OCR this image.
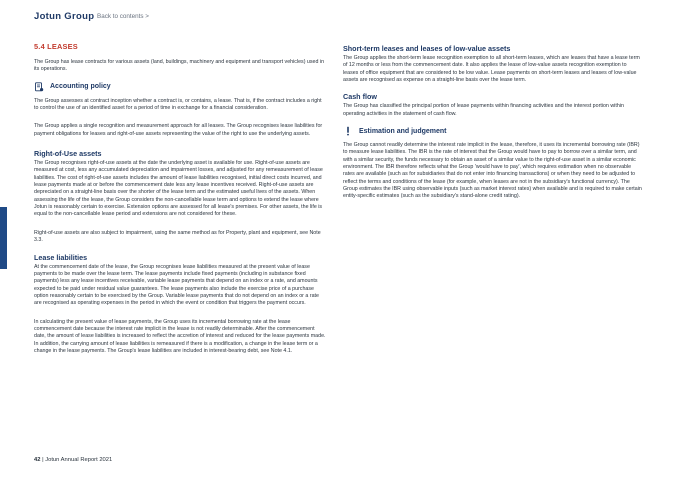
Jotun Group Back to contents >
5.4 LEASES

The Group has lease contracts for various assets (land, buildings, machinery and equipment and transport vehicles) used in its operations.

Accounting policy

The Group assesses at contract inception whether a contract is, or contains, a lease. That is, if the contract includes a right to control the use of an identified asset for a period of time in exchange for a financial consideration.

The Group applies a single recognition and measurement approach for all leases. The Group recognises lease liabilities for payment obligations for leases and right-of-use assets representing the value of the right to use the underlying assets.

Right-of-Use assets

The Group recognises right-of-use assets at the date the underlying asset is available for use. Right-of-use assets are measured at cost, less any accumulated depreciation and impairment losses, and adjusted for any remeasurement of lease liabilities. The cost of right-of-use assets includes the amount of lease liabilities recognised, initial direct costs incurred, and lease payments made at or before the commencement date less any lease incentives received. Right-of-use assets are depreciated on a straight-line basis over the shorter of the lease term and the estimated useful lives of the assets. When assessing the life of the lease, the Group considers the non-cancellable lease term and options to extend the lease where Jotun is reasonably certain to exercise. Extension options are assessed for all lease's premises. For other assets, the life is equal to the non-cancellable lease period and extensions are not considered for these.

Right-of-use assets are also subject to impairment, using the same method as for Property, plant and equipment, see Note 3.3.

Lease liabilities

At the commencement date of the lease, the Group recognises lease liabilities measured at the present value of lease payments to be made over the lease term. The lease payments include fixed payments (including in substance fixed payments) less any lease incentives receivable, variable lease payments that depend on an index or a rate, and amounts expected to be paid under residual value guarantees. The lease payments also include the exercise price of a purchase option reasonably certain to be exercised by the Group. Variable lease payments that do not depend on an index or a rate are recognised as operating expenses in the period in which the event or condition that triggers the payment occurs.

In calculating the present value of lease payments, the Group uses its incremental borrowing rate at the lease commencement date because the interest rate implicit in the lease is not readily determinable. After the commencement date, the amount of lease liabilities is increased to reflect the accretion of interest and reduced for the lease payments made. In addition, the carrying amount of lease liabilities is remeasured if there is a modification, a change in the lease term or a change in the lease payments. The Group's lease liabilities are included in interest-bearing debt, see Note 4.1.

Short-term leases and leases of low-value assets

The Group applies the short-term lease recognition exemption to all short-term leases, which are leases that have a lease term of 12 months or less from the commencement date. It also applies the lease of low-value assets recognition exemption to leases of office equipment that are considered to be low value. Lease payments on short-term leases and leases of low-value assets are recognised as expense on a straight-line basis over the lease term.

Cash flow

The Group has classified the principal portion of lease payments within financing activities and the interest portion within operating activities in the statement of cash flow.

Estimation and judgement

The Group cannot readily determine the interest rate implicit in the lease, therefore, it uses its incremental borrowing rate (IBR) to measure lease liabilities. The IBR is the rate of interest that the Group would have to pay to borrow over a similar term, and with a similar security, the funds necessary to obtain an asset of a similar value to the right-of-use asset in a similar economic environment. The IBR therefore reflects what the Group 'would have to pay', which requires estimation when no observable rates are available (such as for subsidiaries that do not enter into financing transactions) or when they need to be adjusted to reflect the terms and conditions of the lease (for example, when leases are not in the subsidiary's functional currency). The Group estimates the IBR using observable inputs (such as market interest rates) when available and is required to make certain entity-specific estimates (such as the subsidiary's stand-alone credit rating).

42 | Jotun Annual Report 2021
